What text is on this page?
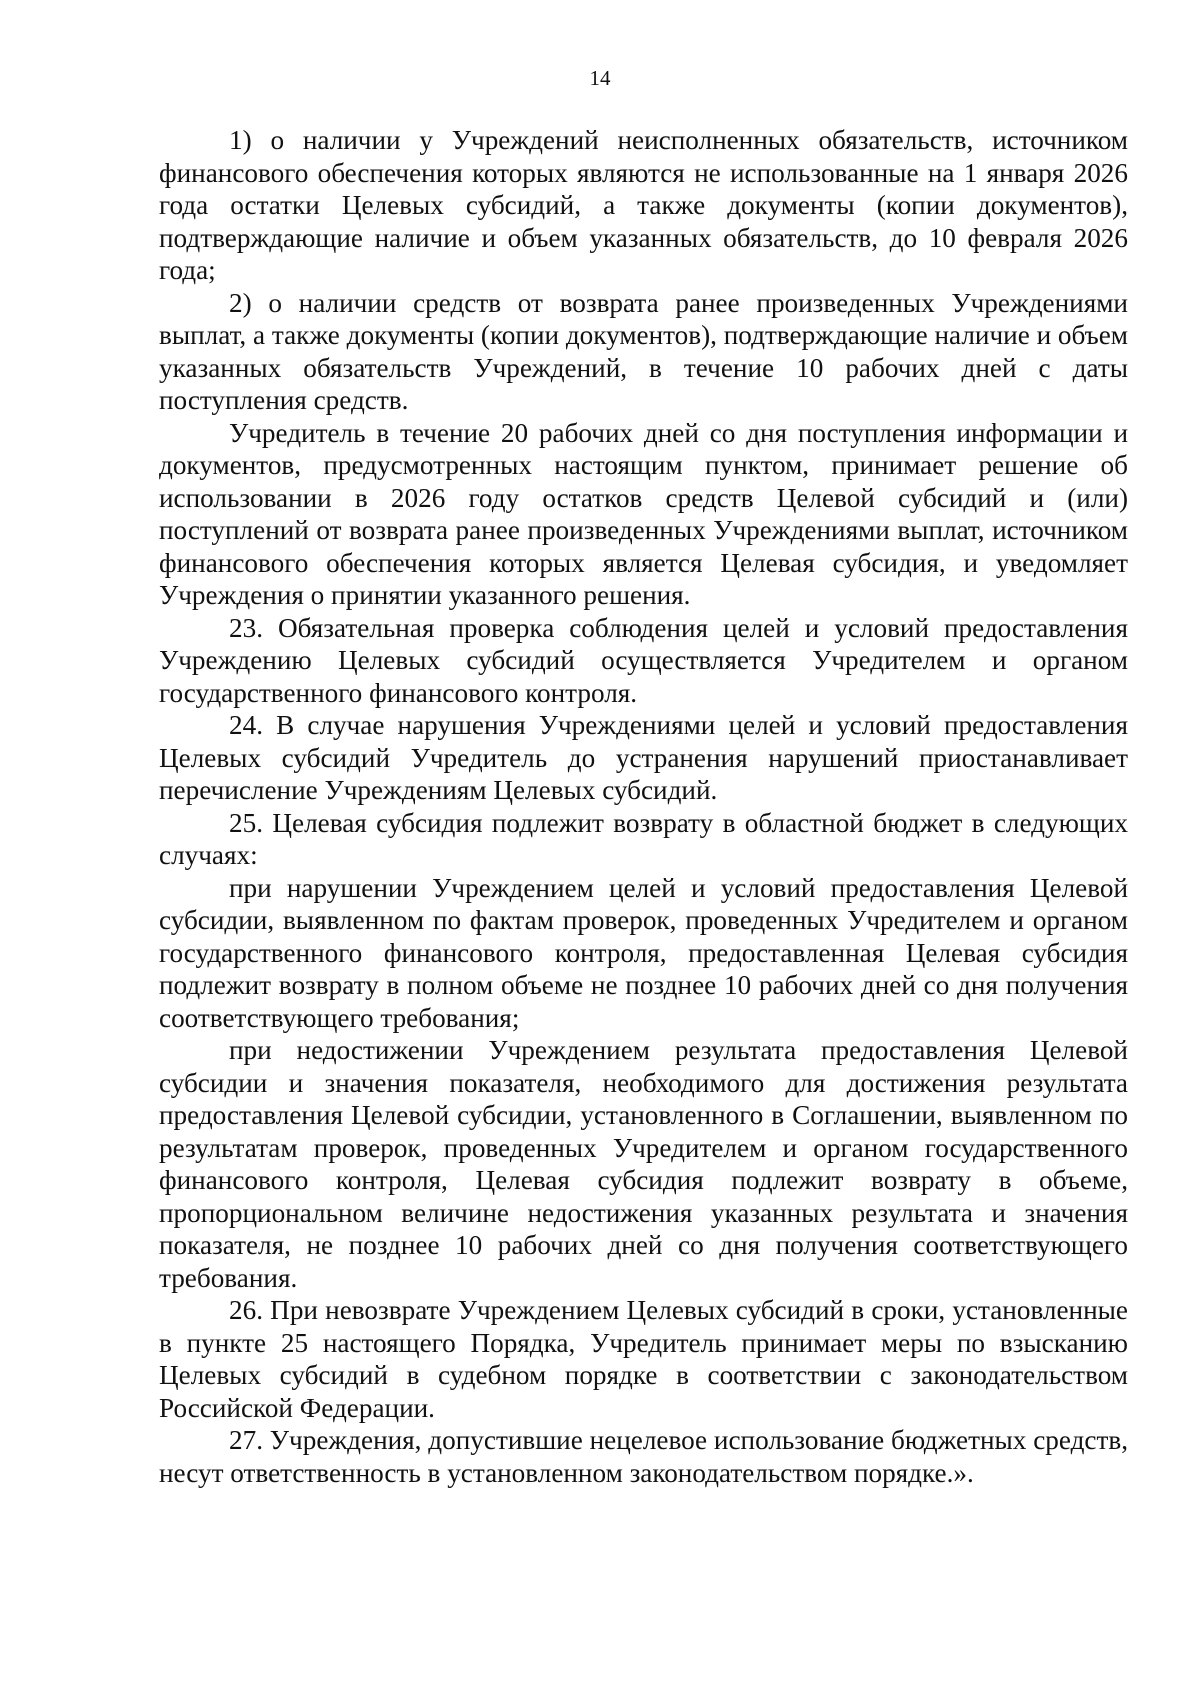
14

1) о наличии у Учреждений неисполненных обязательств, источником финансового обеспечения которых являются не использованные на 1 января 2026 года остатки Целевых субсидий, а также документы (копии документов), подтверждающие наличие и объем указанных обязательств, до 10 февраля 2026 года;

2) о наличии средств от возврата ранее произведенных Учреждениями выплат, а также документы (копии документов), подтверждающие наличие и объем указанных обязательств Учреждений, в течение 10 рабочих дней с даты поступления средств.

Учредитель в течение 20 рабочих дней со дня поступления информации и документов, предусмотренных настоящим пунктом, принимает решение об использовании в 2026 году остатков средств Целевой субсидий и (или) поступлений от возврата ранее произведенных Учреждениями выплат, источником финансового обеспечения которых является Целевая субсидия, и уведомляет Учреждения о принятии указанного решения.

23. Обязательная проверка соблюдения целей и условий предоставления Учреждению Целевых субсидий осуществляется Учредителем и органом государственного финансового контроля.

24. В случае нарушения Учреждениями целей и условий предоставления Целевых субсидий Учредитель до устранения нарушений приостанавливает перечисление Учреждениям Целевых субсидий.

25. Целевая субсидия подлежит возврату в областной бюджет в следующих случаях:

при нарушении Учреждением целей и условий предоставления Целевой субсидии, выявленном по фактам проверок, проведенных Учредителем и органом государственного финансового контроля, предоставленная Целевая субсидия подлежит возврату в полном объеме не позднее 10 рабочих дней со дня получения соответствующего требования;

при недостижении Учреждением результата предоставления Целевой субсидии и значения показателя, необходимого для достижения результата предоставления Целевой субсидии, установленного в Соглашении, выявленном по результатам проверок, проведенных Учредителем и органом государственного финансового контроля, Целевая субсидия подлежит возврату в объеме, пропорциональном величине недостижения указанных результата и значения показателя, не позднее 10 рабочих дней со дня получения соответствующего требования.

26. При невозврате Учреждением Целевых субсидий в сроки, установленные в пункте 25 настоящего Порядка, Учредитель принимает меры по взысканию Целевых субсидий в судебном порядке в соответствии с законодательством Российской Федерации.

27. Учреждения, допустившие нецелевое использование бюджетных средств, несут ответственность в установленном законодательством порядке.».
